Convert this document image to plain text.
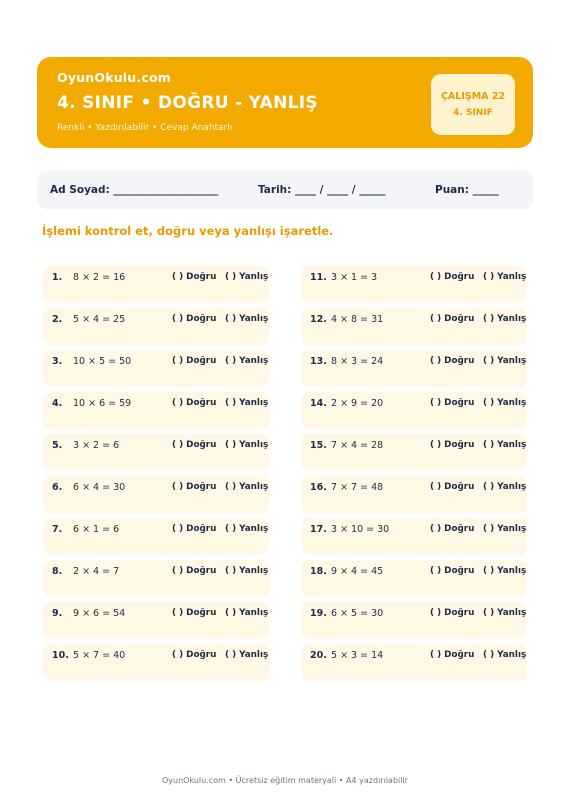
OyunOkulu.com
4. SINIF • DOĞRU - YANLIŞ
Renkli • Yazdırılabilir • Cevap Anahtarlı
ÇALIŞMA 22
4. SINIF
Ad Soyad: ____________________	Tarih: ____ / ____ / _____	Puan: _____
İşlemi kontrol et, doğru veya yanlışı işaretle.
1. 8 × 2 = 16	( ) Doğru ( ) Yanlış
2. 5 × 4 = 25	( ) Doğru ( ) Yanlış
3. 10 × 5 = 50	( ) Doğru ( ) Yanlış
4. 10 × 6 = 59	( ) Doğru ( ) Yanlış
5. 3 × 2 = 6	( ) Doğru ( ) Yanlış
6. 6 × 4 = 30	( ) Doğru ( ) Yanlış
7. 6 × 1 = 6	( ) Doğru ( ) Yanlış
8. 2 × 4 = 7	( ) Doğru ( ) Yanlış
9. 9 × 6 = 54	( ) Doğru ( ) Yanlış
10. 5 × 7 = 40	( ) Doğru ( ) Yanlış
11. 3 × 1 = 3	( ) Doğru ( ) Yanlış
12. 4 × 8 = 31	( ) Doğru ( ) Yanlış
13. 8 × 3 = 24	( ) Doğru ( ) Yanlış
14. 2 × 9 = 20	( ) Doğru ( ) Yanlış
15. 7 × 4 = 28	( ) Doğru ( ) Yanlış
16. 7 × 7 = 48	( ) Doğru ( ) Yanlış
17. 3 × 10 = 30	( ) Doğru ( ) Yanlış
18. 9 × 4 = 45	( ) Doğru ( ) Yanlış
19. 6 × 5 = 30	( ) Doğru ( ) Yanlış
20. 5 × 3 = 14	( ) Doğru ( ) Yanlış
OyunOkulu.com • Ücretsiz eğitim materyali • A4 yazdırılabilir
